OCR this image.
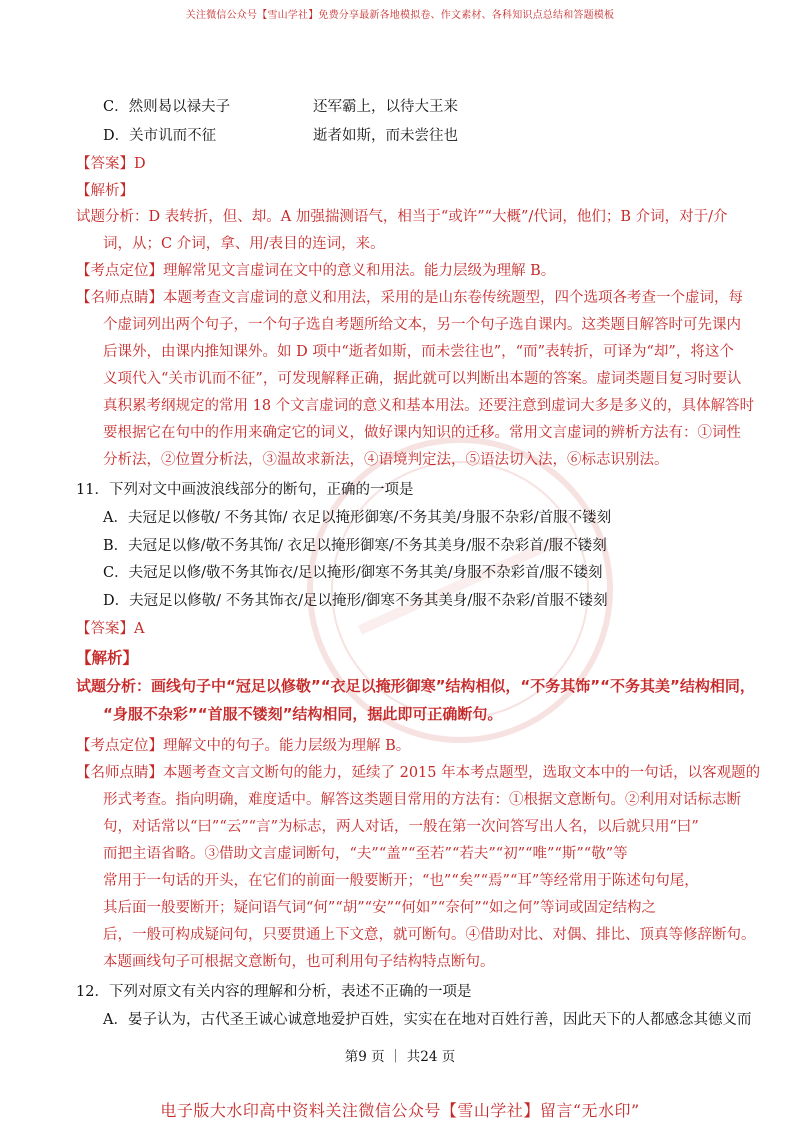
关注微信公众号【雪山学社】免费分享最新各地模拟卷、作文素材、各科知识点总结和答题模板
C．然则曷以禄夫子	还军霸上，以待大王来
D．关市讥而不征	逝者如斯，而未尝往也
【答案】D
【解析】
试题分析：D 表转折，但、却。A 加强揣测语气，相当于“或许”“大概”/代词，他们；B 介词，对于/介
词，从；C 介词，拿、用/表目的连词，来。
【考点定位】理解常见文言虚词在文中的意义和用法。能力层级为理解 B。
【名师点睛】本题考查文言虚词的意义和用法，采用的是山东卷传统题型，四个选项各考查一个虚词，每
个虚词列出两个句子，一个句子选自考题所给文本，另一个句子选自课内。这类题目解答时可先课内
后课外，由课内推知课外。如 D 项中“逝者如斯，而未尝往也”，“而”表转折，可译为“却”，将这个
义项代入“关市讥而不征”，可发现解释正确，据此就可以判断出本题的答案。虚词类题目复习时要认
真积累考纲规定的常用 18 个文言虚词的意义和基本用法。还要注意到虚词大多是多义的，具体解答时
要根据它在句中的作用来确定它的词义，做好课内知识的迁移。常用文言虚词的辨析方法有：①词性
分析法，②位置分析法，③温故求新法，④语境判定法，⑤语法切入法，⑥标志识别法。
11．下列对文中画波浪线部分的断句，正确的一项是
A．夫冠足以修敬/ 不务其饰/ 衣足以掩形御寒/不务其美/身服不杂彩/首服不镂刻
B．夫冠足以修/敬不务其饰/ 衣足以掩形御寒/不务其美身/服不杂彩首/服不镂刻
C．夫冠足以修/敬不务其饰衣/足以掩形/御寒不务其美/身服不杂彩首/服不镂刻
D．夫冠足以修敬/ 不务其饰衣/足以掩形/御寒不务其美身/服不杂彩/首服不镂刻
【答案】A
【解析】
试题分析：画线句子中“冠足以修敬”“衣足以掩形御寒”结构相似，“不务其饰”“不务其美”结构相同，
“身服不杂彩”“首服不镂刻”结构相同，据此即可正确断句。
【考点定位】理解文中的句子。能力层级为理解 B。
【名师点睛】本题考查文言文断句的能力，延续了 2015 年本考点题型，选取文本中的一句话，以客观题的
形式考查。指向明确，难度适中。解答这类题目常用的方法有：①根据文意断句。②利用对话标志断
句，对话常以“曰”“云”“言”为标志，两人对话，一般在第一次问答写出人名，以后就只用“曰”
而把主语省略。③借助文言虚词断句，“夫”“盖”“至若”“若夫”“初”“唯”“斯”“敬”等
常用于一句话的开头，在它们的前面一般要断开；“也”“矣”“焉”“耳”等经常用于陈述句句尾，
其后面一般要断开；疑问语气词“何”“胡”“安”“何如”“奈何”“如之何”等词或固定结构之
后，一般可构成疑问句，只要贯通上下文意，就可断句。④借助对比、对偶、排比、顶真等修辞断句。
本题画线句子可根据文意断句，也可利用句子结构特点断句。
12．下列对原文有关内容的理解和分析，表述不正确的一项是
A．晏子认为，古代圣王诚心诚意地爱护百姓，实实在在地对百姓行善，因此天下的人都感念其德义而
第9 页 ｜ 共24 页
电子版大水印高中资料关注微信公众号【雪山学社】留言“无水印”
